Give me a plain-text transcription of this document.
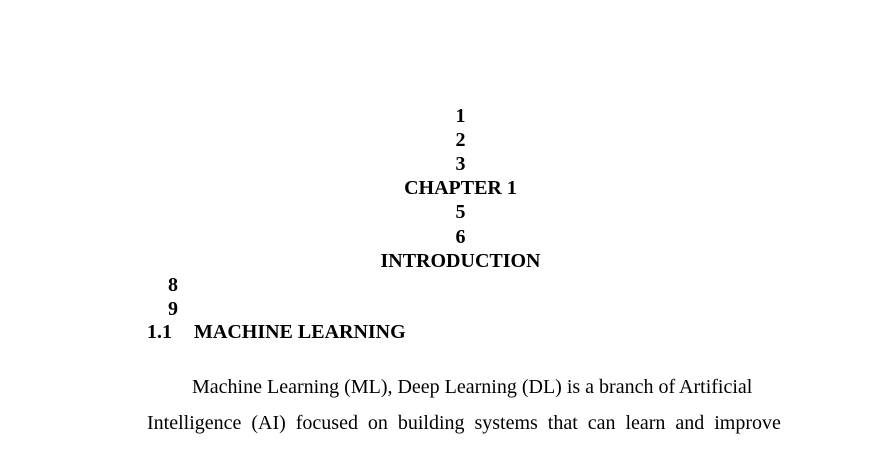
1
2
3
CHAPTER 1
5
6
INTRODUCTION
8
9
1.1 MACHINE LEARNING
Machine Learning (ML), Deep Learning (DL) is a branch of Artificial
Intelligence (AI) focused on building systems that can learn and improve
